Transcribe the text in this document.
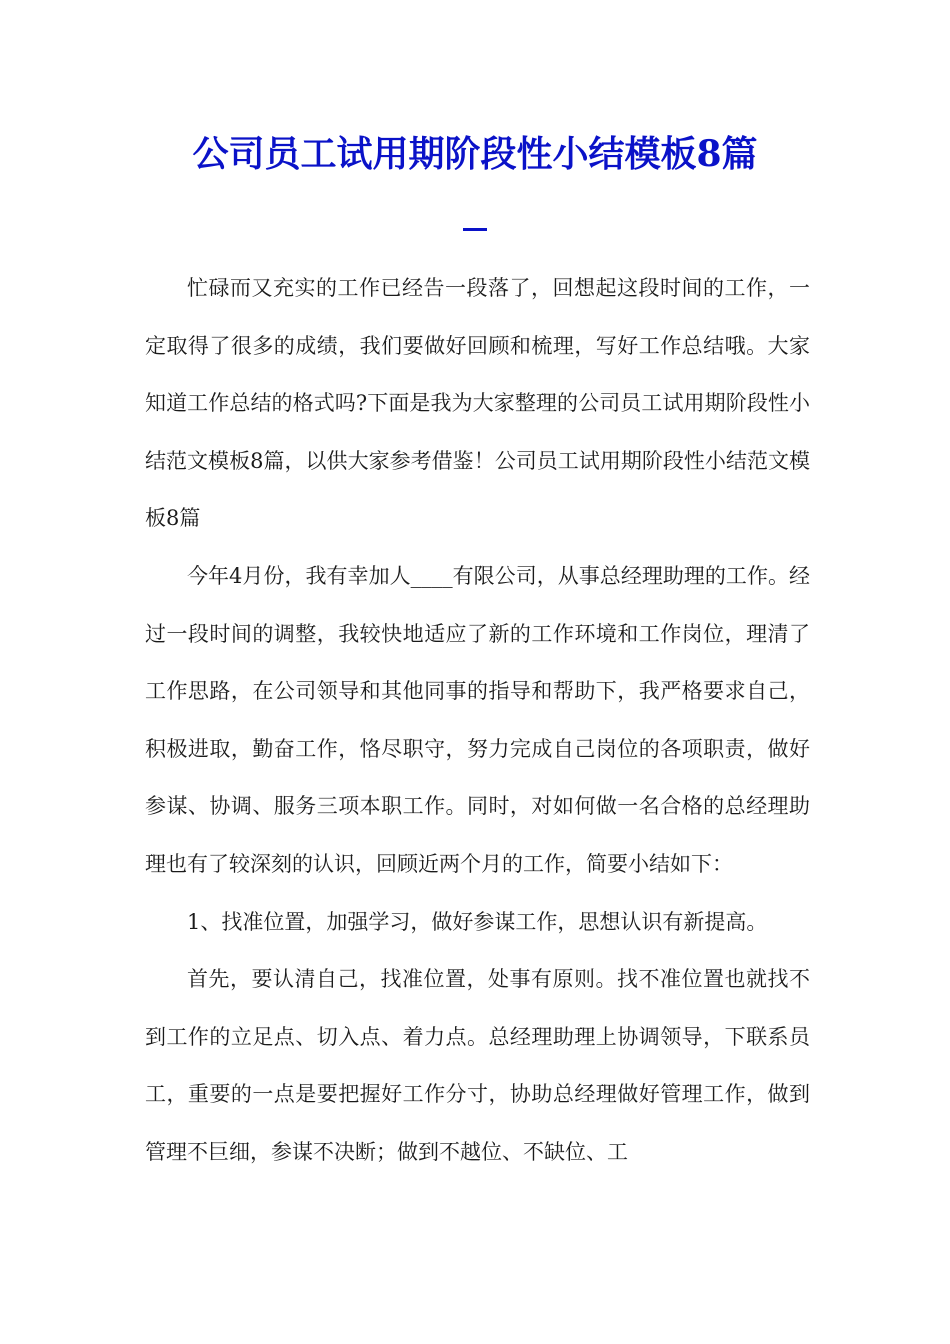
公司员工试用期阶段性小结模板8篇

忙碌而又充实的工作已经告一段落了，回想起这段时间的工作，一定取得了很多的成绩，我们要做好回顾和梳理，写好工作总结哦。大家知道工作总结的格式吗?下面是我为大家整理的公司员工试用期阶段性小结范文模板8篇，以供大家参考借鉴！公司员工试用期阶段性小结范文模板8篇

今年4月份，我有幸加人____有限公司，从事总经理助理的工作。经过一段时间的调整，我较快地适应了新的工作环境和工作岗位，理清了工作思路，在公司领导和其他同事的指导和帮助下，我严格要求自己，积极进取，勤奋工作，恪尽职守，努力完成自己岗位的各项职责，做好参谋、协调、服务三项本职工作。同时，对如何做一名合格的总经理助理也有了较深刻的认识，回顾近两个月的工作，简要小结如下：

1、找准位置，加强学习，做好参谋工作，思想认识有新提高。

首先，要认清自己，找准位置，处事有原则。找不准位置也就找不到工作的立足点、切入点、着力点。总经理助理上协调领导，下联系员工，重要的一点是要把握好工作分寸，协助总经理做好管理工作，做到管理不巨细，参谋不决断；做到不越位、不缺位、工
